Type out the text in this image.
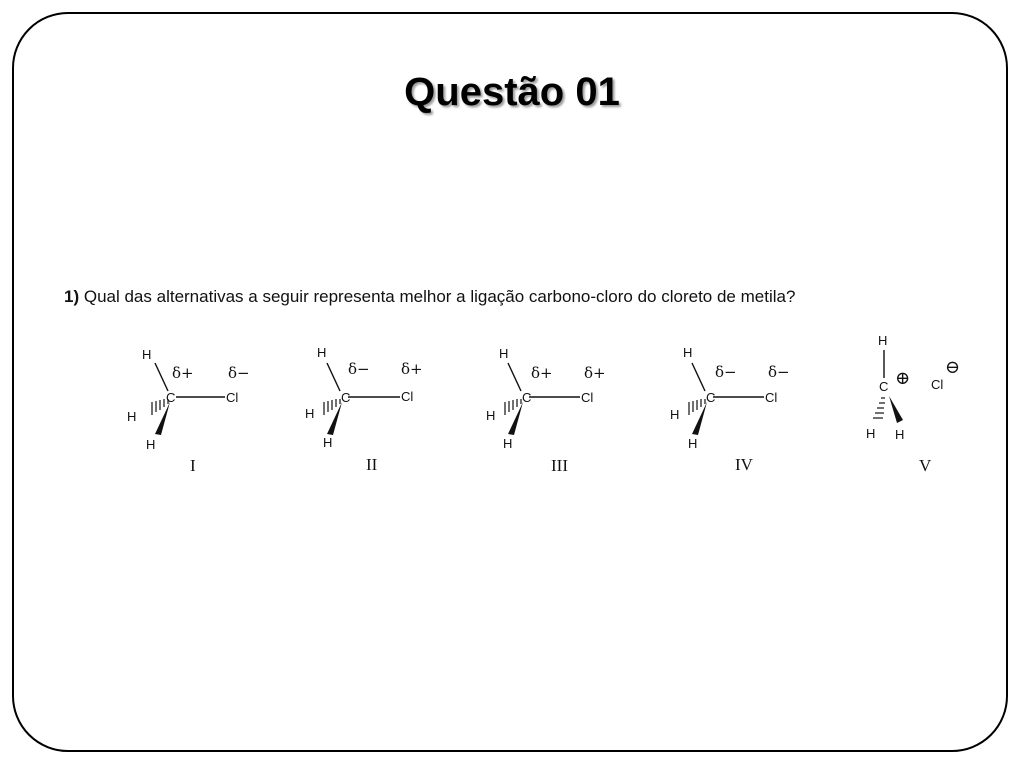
Questão 01
1) Qual das alternativas a seguir representa melhor a ligação carbono-cloro do cloreto de metila?
H
H
H
C	Cl
δ+ δ−
I
H
H
H
C	Cl
δ− δ+
II
H
H
H
C	Cl
δ+ δ+
III
H
H
H
C	Cl
δ− δ−
IV
H
H H
C	Cl
⊕
⊖
V
